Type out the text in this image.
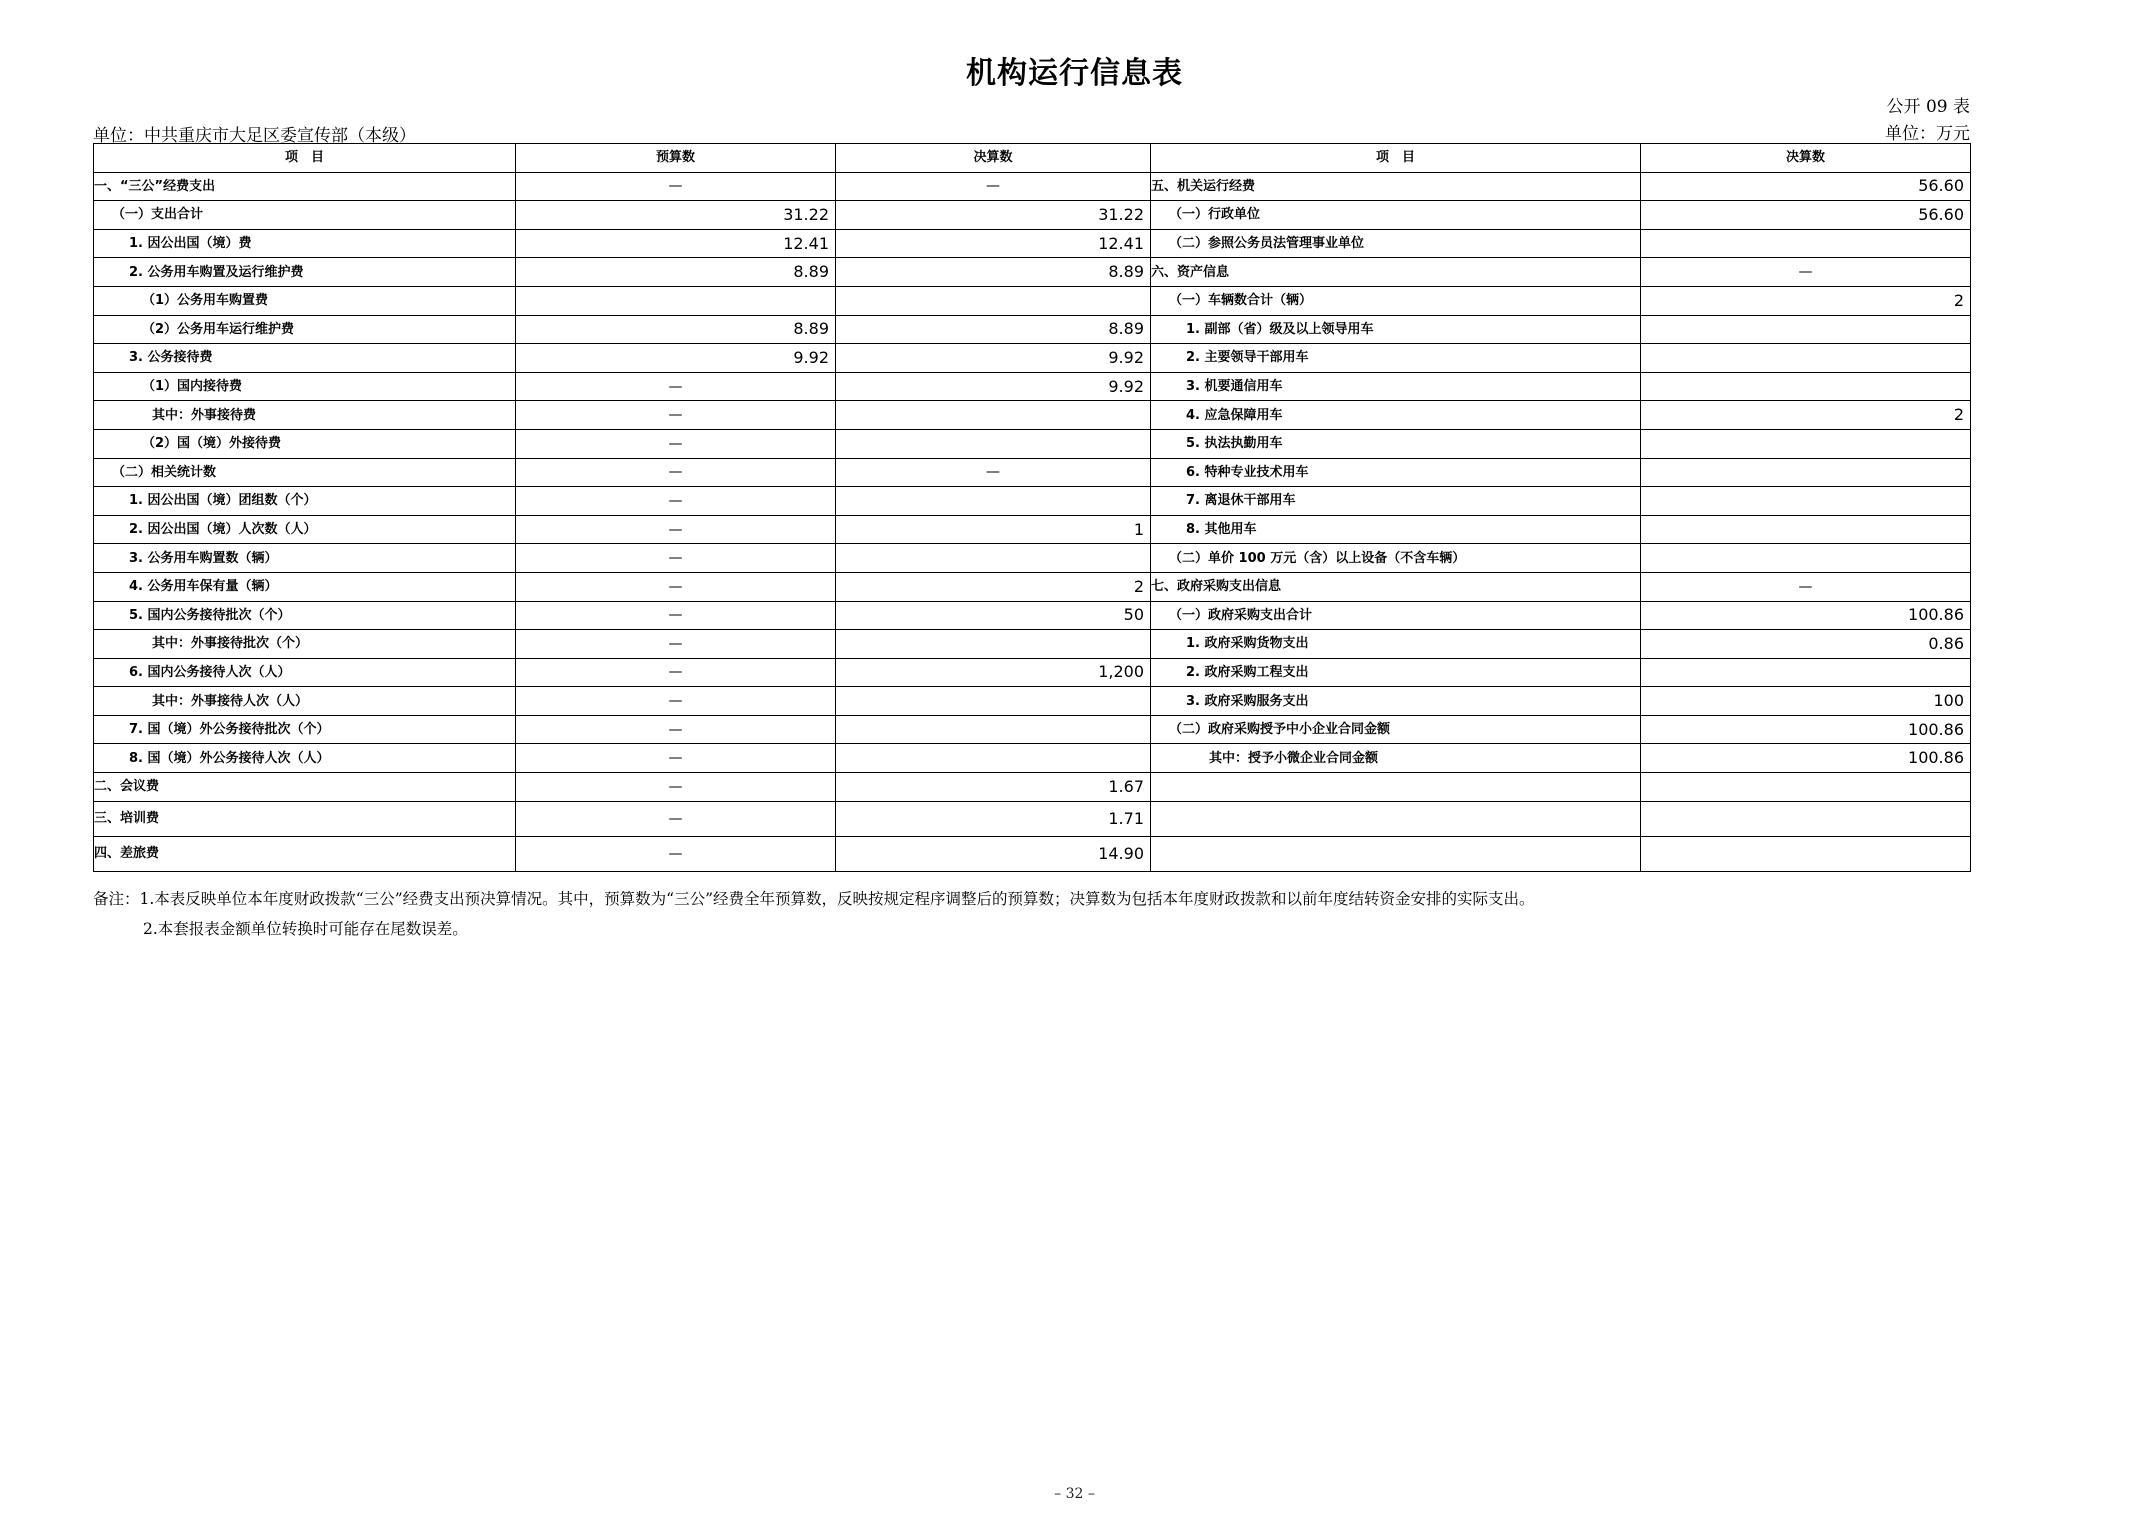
机构运行信息表
公开 09 表
单位：中共重庆市大足区委宣传部（本级）	单位：万元
项　目	预算数	决算数	项　目	决算数
一、“三公”经费支出	—	—	五、机关运行经费	56.60
（一）支出合计	31.22	31.22	（一）行政单位	56.60
1. 因公出国（境）费	12.41	12.41	（二）参照公务员法管理事业单位	
2. 公务用车购置及运行维护费	8.89	8.89	六、资产信息	—
（1）公务用车购置费			（一）车辆数合计（辆）	2
（2）公务用车运行维护费	8.89	8.89	1. 副部（省）级及以上领导用车	
3. 公务接待费	9.92	9.92	2. 主要领导干部用车	
（1）国内接待费	—	9.92	3. 机要通信用车	
其中：外事接待费	—		4. 应急保障用车	2
（2）国（境）外接待费	—		5. 执法执勤用车	
（二）相关统计数	—	—	6. 特种专业技术用车	
1. 因公出国（境）团组数（个）	—		7. 离退休干部用车	
2. 因公出国（境）人次数（人）	—	1	8. 其他用车	
3. 公务用车购置数（辆）	—		（二）单价 100 万元（含）以上设备（不含车辆）	
4. 公务用车保有量（辆）	—	2	七、政府采购支出信息	—
5. 国内公务接待批次（个）	—	50	（一）政府采购支出合计	100.86
其中：外事接待批次（个）	—		1. 政府采购货物支出	0.86
6. 国内公务接待人次（人）	—	1,200	2. 政府采购工程支出	
其中：外事接待人次（人）	—		3. 政府采购服务支出	100
7. 国（境）外公务接待批次（个）	—		（二）政府采购授予中小企业合同金额	100.86
8. 国（境）外公务接待人次（人）	—		其中：授予小微企业合同金额	100.86
二、会议费	—	1.67		
三、培训费	—	1.71		
四、差旅费	—	14.90		
备注：1.本表反映单位本年度财政拨款“三公”经费支出预决算情况。其中，预算数为“三公”经费全年预算数，反映按规定程序调整后的预算数；决算数为包括本年度财政拨款和以前年度结转资金安排的实际支出。
2.本套报表金额单位转换时可能存在尾数误差。
– 32 –
